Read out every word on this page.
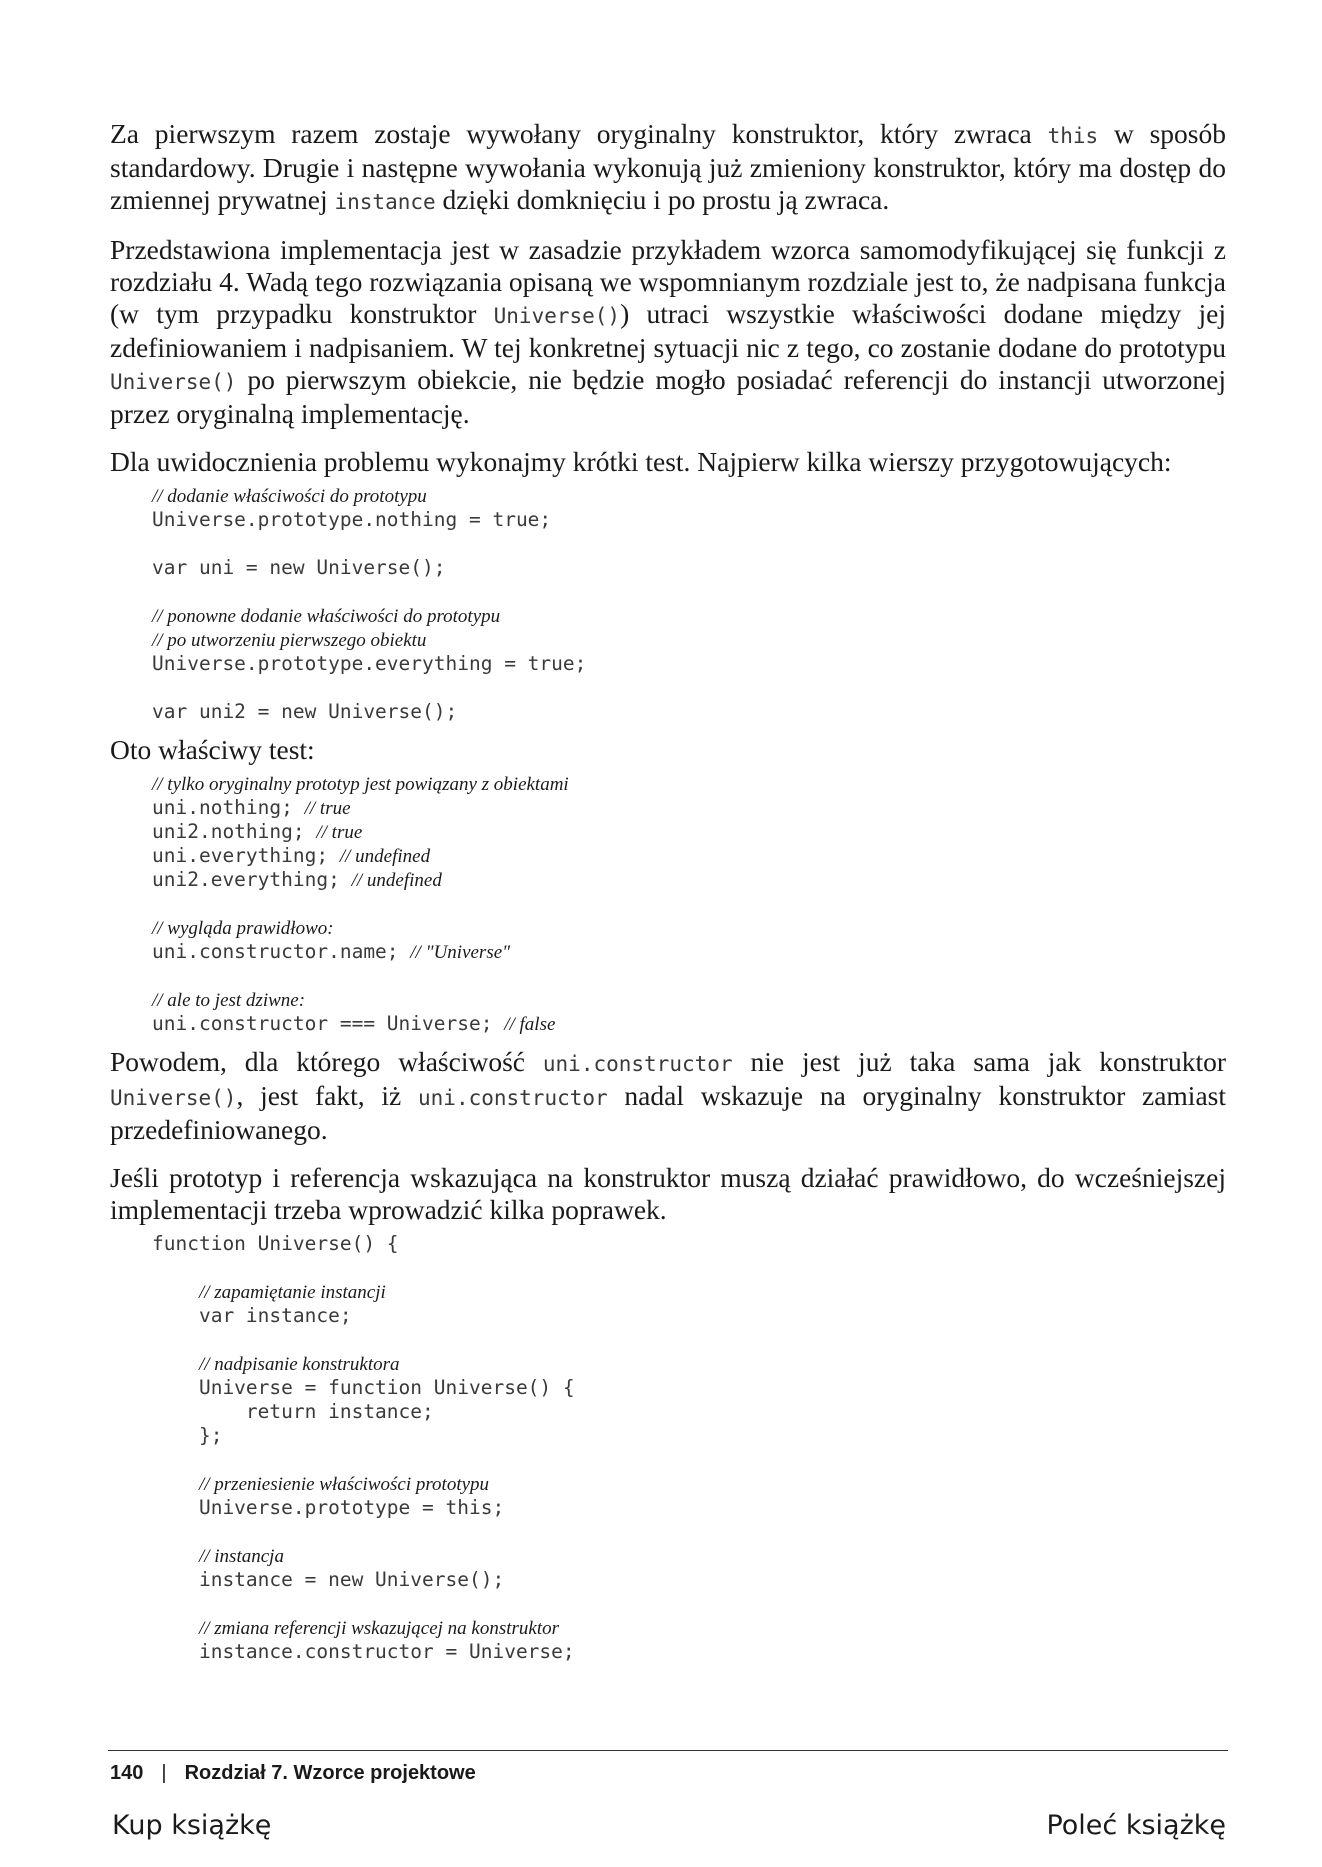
Za pierwszym razem zostaje wywołany oryginalny konstruktor, który zwraca this w sposób standardowy. Drugie i następne wywołania wykonują już zmieniony konstruktor, który ma dostęp do zmiennej prywatnej instance dzięki domknięciu i po prostu ją zwraca.

Przedstawiona implementacja jest w zasadzie przykładem wzorca samomodyfikującej się funkcji z rozdziału 4. Wadą tego rozwiązania opisaną we wspomnianym rozdziale jest to, że nadpisana funkcja (w tym przypadku konstruktor Universe()) utraci wszystkie właściwości dodane między jej zdefiniowaniem i nadpisaniem. W tej konkretnej sytuacji nic z tego, co zostanie dodane do prototypu Universe() po pierwszym obiekcie, nie będzie mogło posiadać referencji do instancji utworzonej przez oryginalną implementację.

Dla uwidocznienia problemu wykonajmy krótki test. Najpierw kilka wierszy przygotowujących:

// dodanie właściwości do prototypu
Universe.prototype.nothing = true;
var uni = new Universe();
// ponowne dodanie właściwości do prototypu
// po utworzeniu pierwszego obiektu
Universe.prototype.everything = true;
var uni2 = new Universe();

Oto właściwy test:

// tylko oryginalny prototyp jest powiązany z obiektami
uni.nothing; // true
uni2.nothing; // true
uni.everything; // undefined
uni2.everything; // undefined
// wygląda prawidłowo:
uni.constructor.name; // "Universe"
// ale to jest dziwne:
uni.constructor === Universe; // false

Powodem, dla którego właściwość uni.constructor nie jest już taka sama jak konstruktor Universe(), jest fakt, iż uni.constructor nadal wskazuje na oryginalny konstruktor zamiast przedefiniowanego.

Jeśli prototyp i referencja wskazująca na konstruktor muszą działać prawidłowo, do wcześniejszej implementacji trzeba wprowadzić kilka poprawek.

function Universe() {
// zapamiętanie instancji
var instance;
// nadpisanie konstruktora
Universe = function Universe() {
return instance;
};
// przeniesienie właściwości prototypu
Universe.prototype = this;
// instancja
instance = new Universe();
// zmiana referencji wskazującej na konstruktor
instance.constructor = Universe;
140 | Rozdział 7. Wzorce projektowe
Kup książkę	Poleć książkę
